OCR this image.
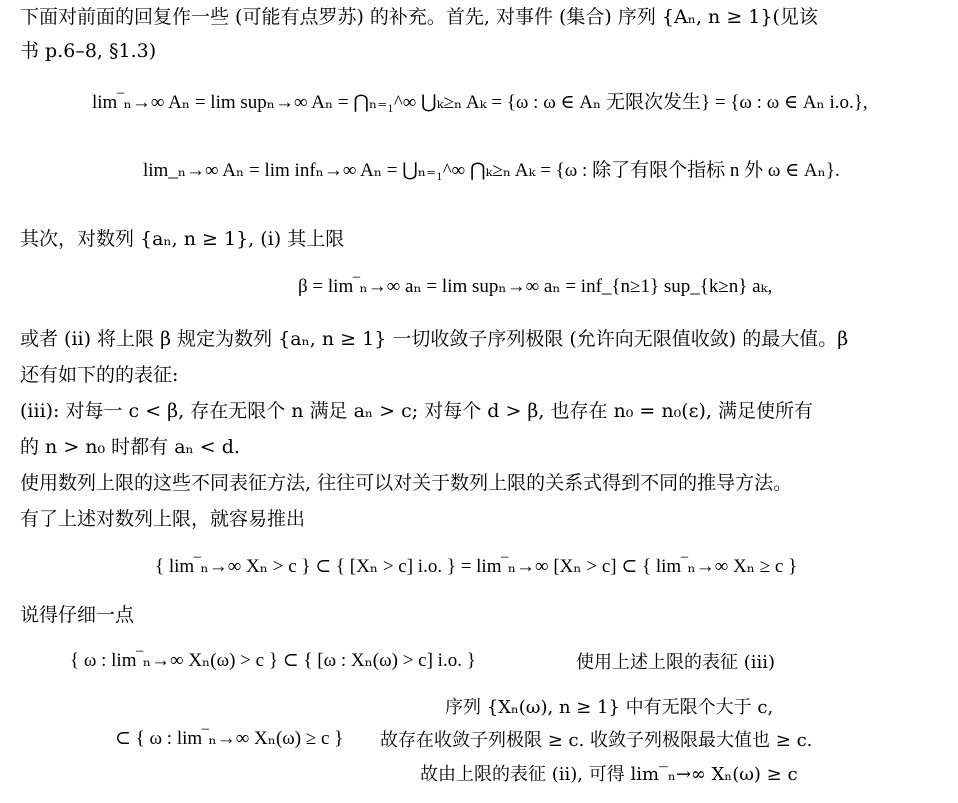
下面对前面的回复作一些 (可能有点罗苏) 的补充。首先, 对事件 (集合) 序列 {Aₙ, n ≥ 1}(见该
书 p.6–8, §1.3)
lim‾ₙ→∞ Aₙ = lim supₙ→∞ Aₙ = ⋂ₙ₌₁^∞ ⋃ₖ≥ₙ Aₖ = {ω : ω ∈ Aₙ 无限次发生} = {ω : ω ∈ Aₙ i.o.},
lim_ₙ→∞ Aₙ = lim infₙ→∞ Aₙ = ⋃ₙ₌₁^∞ ⋂ₖ≥ₙ Aₖ = {ω : 除了有限个指标 n 外 ω ∈ Aₙ}.
其次，对数列 {aₙ, n ≥ 1}, (i) 其上限
β = lim‾ₙ→∞ aₙ = lim supₙ→∞ aₙ = inf_{n≥1} sup_{k≥n} aₖ,
或者 (ii) 将上限 β 规定为数列 {aₙ, n ≥ 1} 一切收敛子序列极限 (允许向无限值收敛) 的最大值。β
还有如下的的表征:
(iii): 对每一 c < β, 存在无限个 n 满足 aₙ > c; 对每个 d > β, 也存在 n₀ = n₀(ε), 满足使所有
的 n > n₀ 时都有 aₙ < d.
使用数列上限的这些不同表征方法, 往往可以对关于数列上限的关系式得到不同的推导方法。
有了上述对数列上限，就容易推出
{ lim‾ₙ→∞ Xₙ > c } ⊂ { [Xₙ > c] i.o. } = lim‾ₙ→∞ [Xₙ > c] ⊂ { lim‾ₙ→∞ Xₙ ≥ c }
说得仔细一点
{ ω : lim‾ₙ→∞ Xₙ(ω) > c } ⊂ { [ω : Xₙ(ω) > c] i.o. }	使用上述上限的表征 (iii)
序列 {Xₙ(ω), n ≥ 1} 中有无限个大于 c,
⊂ { ω : lim‾ₙ→∞ Xₙ(ω) ≥ c } 故存在收敛子列极限 ≥ c. 收敛子列极限最大值也 ≥ c.
故由上限的表征 (ii), 可得 lim‾ₙ→∞ Xₙ(ω) ≥ c
